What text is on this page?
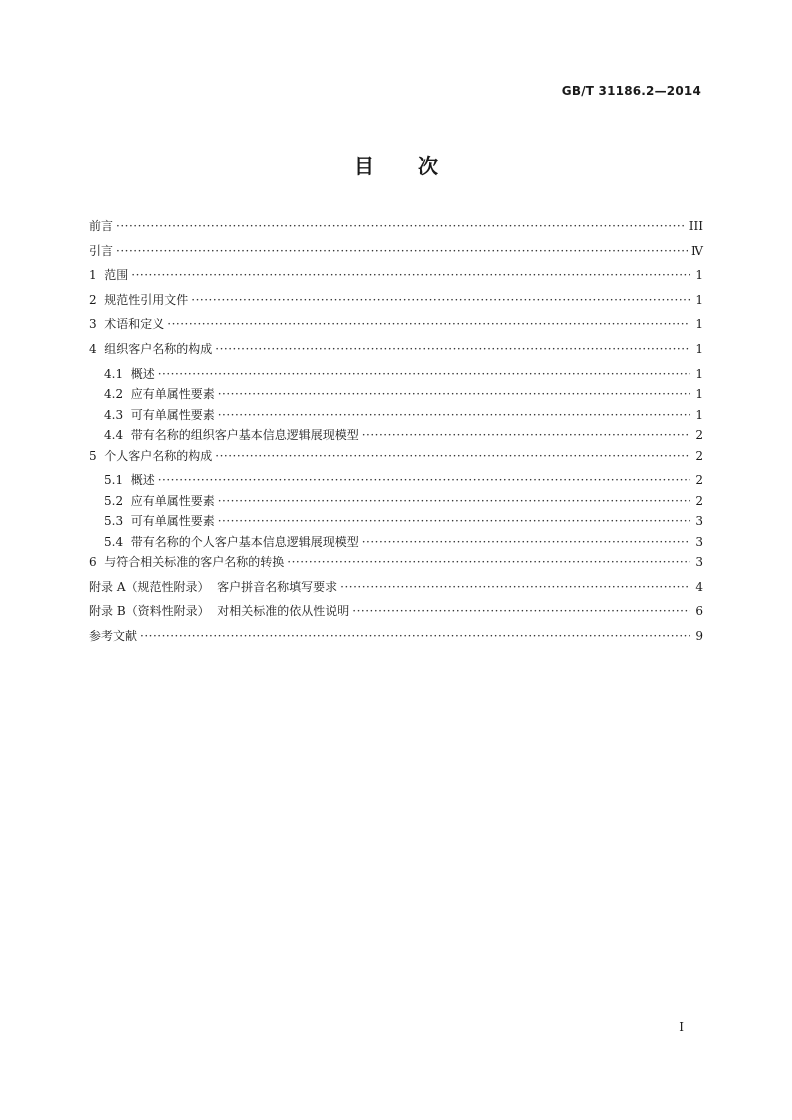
GB/T 31186.2—2014
目 次
前言 ·····	III
引言 ·····	Ⅳ
1 范围 ·····	1
2 规范性引用文件 ·····	1
3 术语和定义 ·····	1
4 组织客户名称的构成 ·····	1
4.1 概述 ·····	1
4.2 应有单属性要素 ·····	1
4.3 可有单属性要素 ·····	1
4.4 带有名称的组织客户基本信息逻辑展现模型 ·····	2
5 个人客户名称的构成 ·····	2
5.1 概述 ·····	2
5.2 应有单属性要素 ·····	2
5.3 可有单属性要素 ·····	3
5.4 带有名称的个人客户基本信息逻辑展现模型 ·····	3
6 与符合相关标准的客户名称的转换 ·····	3
附录 A（规范性附录）  客户拼音名称填写要求 ·····	4
附录 B（资料性附录）  对相关标准的依从性说明 ·····	6
参考文献 ·····	9
I
